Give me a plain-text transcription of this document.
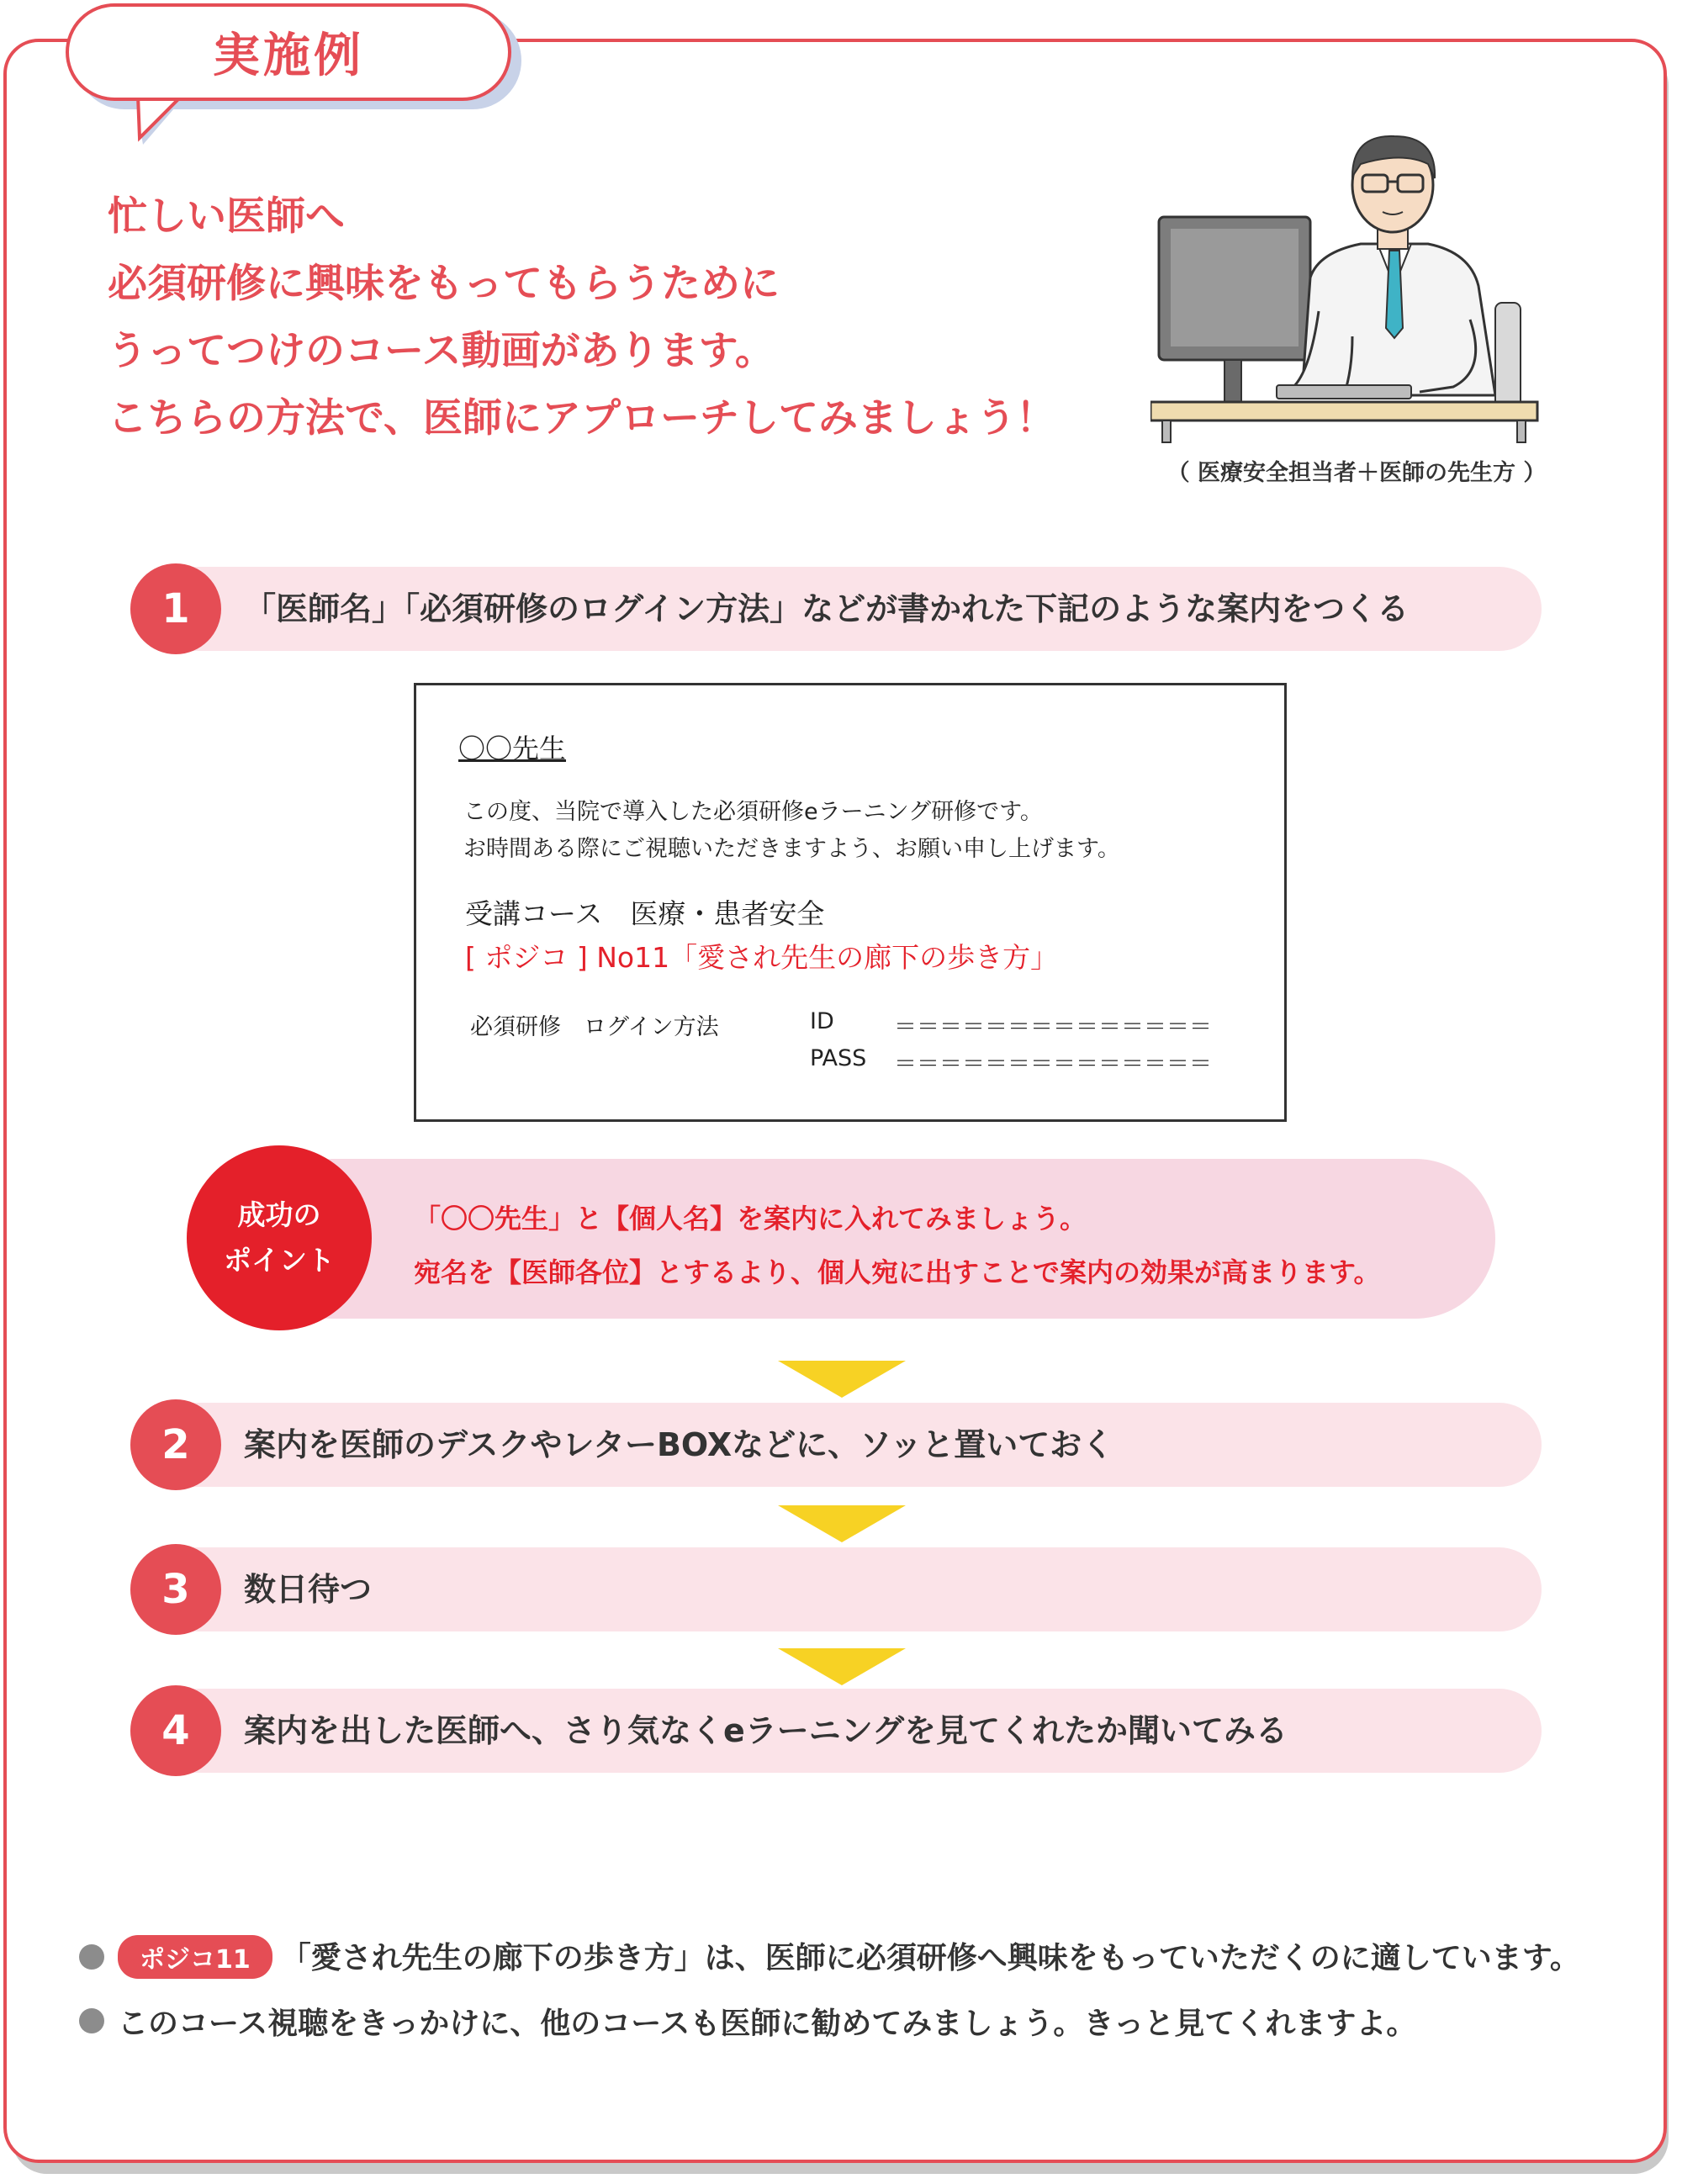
実施例
忙しい医師へ
必須研修に興味をもってもらうために
うってつけのコース動画があります。
こちらの方法で、医師にアプローチしてみましょう！
（ 医療安全担当者＋医師の先生方 ）
「医師名」「必須研修のログイン方法」などが書かれた下記のような案内をつくる
1
〇〇先生
この度、当院で導入した必須研修eラーニング研修です。
お時間ある際にご視聴いただきますよう、お願い申し上げます。
受講コース　医療・患者安全
[ ポジコ ] No11「愛され先生の廊下の歩き方」
必須研修　ログイン方法	ID	＝＝＝＝＝＝＝＝＝＝＝＝＝＝
PASS ＝＝＝＝＝＝＝＝＝＝＝＝＝＝
成功の
ポイント
「〇〇先生」と【個人名】を案内に入れてみましょう。
宛名を【医師各位】とするより、個人宛に出すことで案内の効果が高まります。
案内を医師のデスクやレターBOXなどに、ソッと置いておく
2
数日待つ
3
案内を出した医師へ、さり気なくeラーニングを見てくれたか聞いてみる
4
ポジコ11 「愛され先生の廊下の歩き方」は、医師に必須研修へ興味をもっていただくのに適しています。
このコース視聴をきっかけに、他のコースも医師に勧めてみましょう。きっと見てくれますよ。
